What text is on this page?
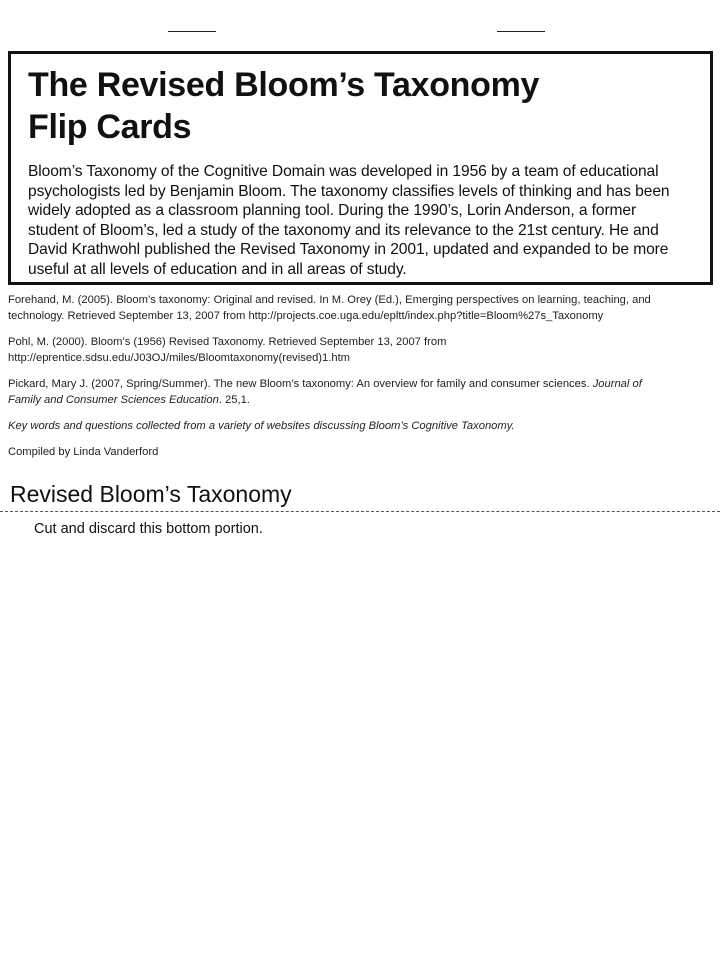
The Revised Bloom’s Taxonomy
Flip Cards

Bloom’s Taxonomy of the Cognitive Domain was developed in 1956 by a team of educational
psychologists led by Benjamin Bloom. The taxonomy classifies levels of thinking and has been
widely adopted as a classroom planning tool. During the 1990’s, Lorin Anderson, a former
student of Bloom’s, led a study of the taxonomy and its relevance to the 21st century. He and
David Krathwohl published the Revised Taxonomy in 2001, updated and expanded to be more
useful at all levels of education and in all areas of study.

Forehand, M. (2005). Bloom’s taxonomy: Original and revised. In M. Orey (Ed.), Emerging perspectives on learning, teaching, and
technology. Retrieved September 13, 2007 from http://projects.coe.uga.edu/epltt/index.php?title=Bloom%27s_Taxonomy

Pohl, M. (2000). Bloom’s (1956) Revised Taxonomy. Retrieved September 13, 2007 from
http://eprentice.sdsu.edu/J03OJ/miles/Bloomtaxonomy(revised)1.htm

Pickard, Mary J. (2007, Spring/Summer). The new Bloom’s taxonomy: An overview for family and consumer sciences. Journal of
Family and Consumer Sciences Education. 25,1.

Key words and questions collected from a variety of websites discussing Bloom’s Cognitive Taxonomy.

Compiled by Linda Vanderford

Revised Bloom’s Taxonomy

Cut and discard this bottom portion.
